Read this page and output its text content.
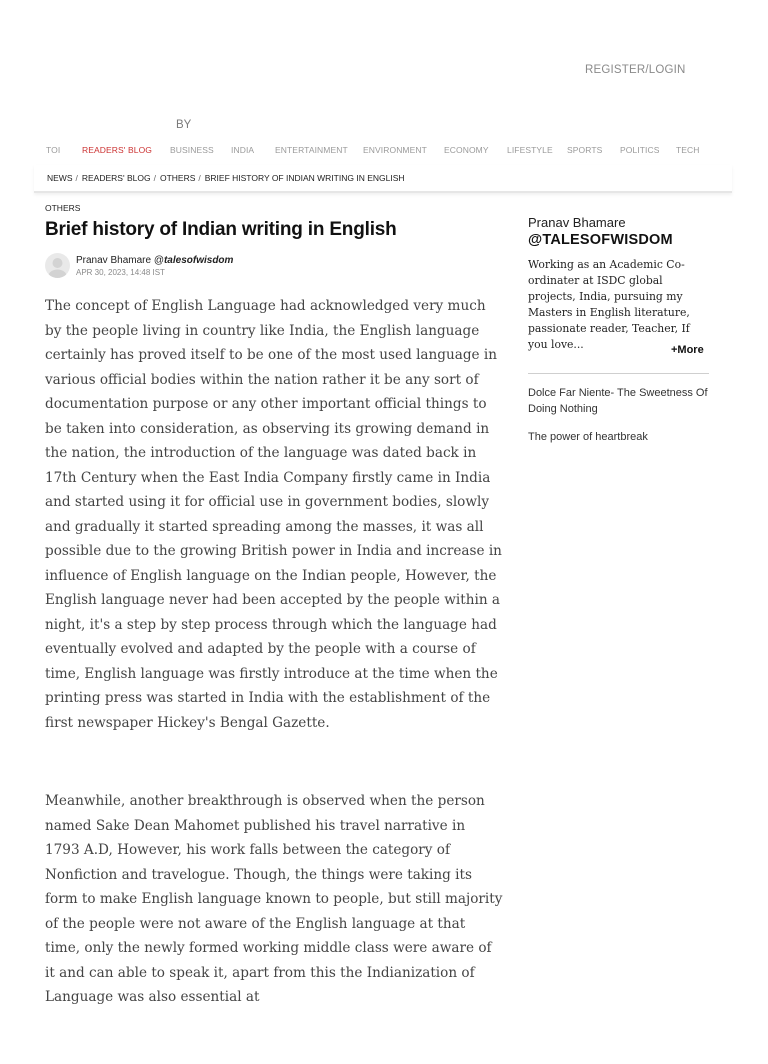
REGISTER/LOGIN
BY
TOI	READERS' BLOG BUSINESS INDIA ENTERTAINMENT ENVIRONMENT ECONOMY LIFESTYLE SPORTS POLITICS TECH
NEWS / READERS' BLOG / OTHERS / BRIEF HISTORY OF INDIAN WRITING IN ENGLISH
OTHERS
Brief history of Indian writing in English
Pranav Bhamare @talesofwisdom
APR 30, 2023, 14:48 IST

The concept of English Language had acknowledged very much by the people living in country like India, the English language certainly has proved itself to be one of the most used language in various official bodies within the nation rather it be any sort of documentation purpose or any other important official things to be taken into consideration, as observing its growing demand in the nation, the introduction of the language was dated back in 17th Century when the East India Company firstly came in India and started using it for official use in government bodies, slowly and gradually it started spreading among the masses, it was all possible due to the growing British power in India and increase in influence of English language on the Indian people, However, the English language never had been accepted by the people within a night, it's a step by step process through which the language had eventually evolved and adapted by the people with a course of time, English language was firstly introduce at the time when the printing press was started in India with the establishment of the first newspaper Hickey's Bengal Gazette.

Meanwhile, another breakthrough is observed when the person named Sake Dean Mahomet published his travel narrative in 1793 A.D, However, his work falls between the category of Nonfiction and travelogue. Though, the things were taking its form to make English language known to people, but still majority of the people were not aware of the English language at that time, only the newly formed working middle class were aware of it and can able to speak it, apart from this the Indianization of Language was also essential at

Pranav Bhamare
@TALESOFWISDOM
Working as an Academic Co-ordinater at ISDC global projects, India, pursuing my Masters in English literature, passionate reader, Teacher, If you love...	+More
Dolce Far Niente- The Sweetness Of Doing Nothing
The power of heartbreak
